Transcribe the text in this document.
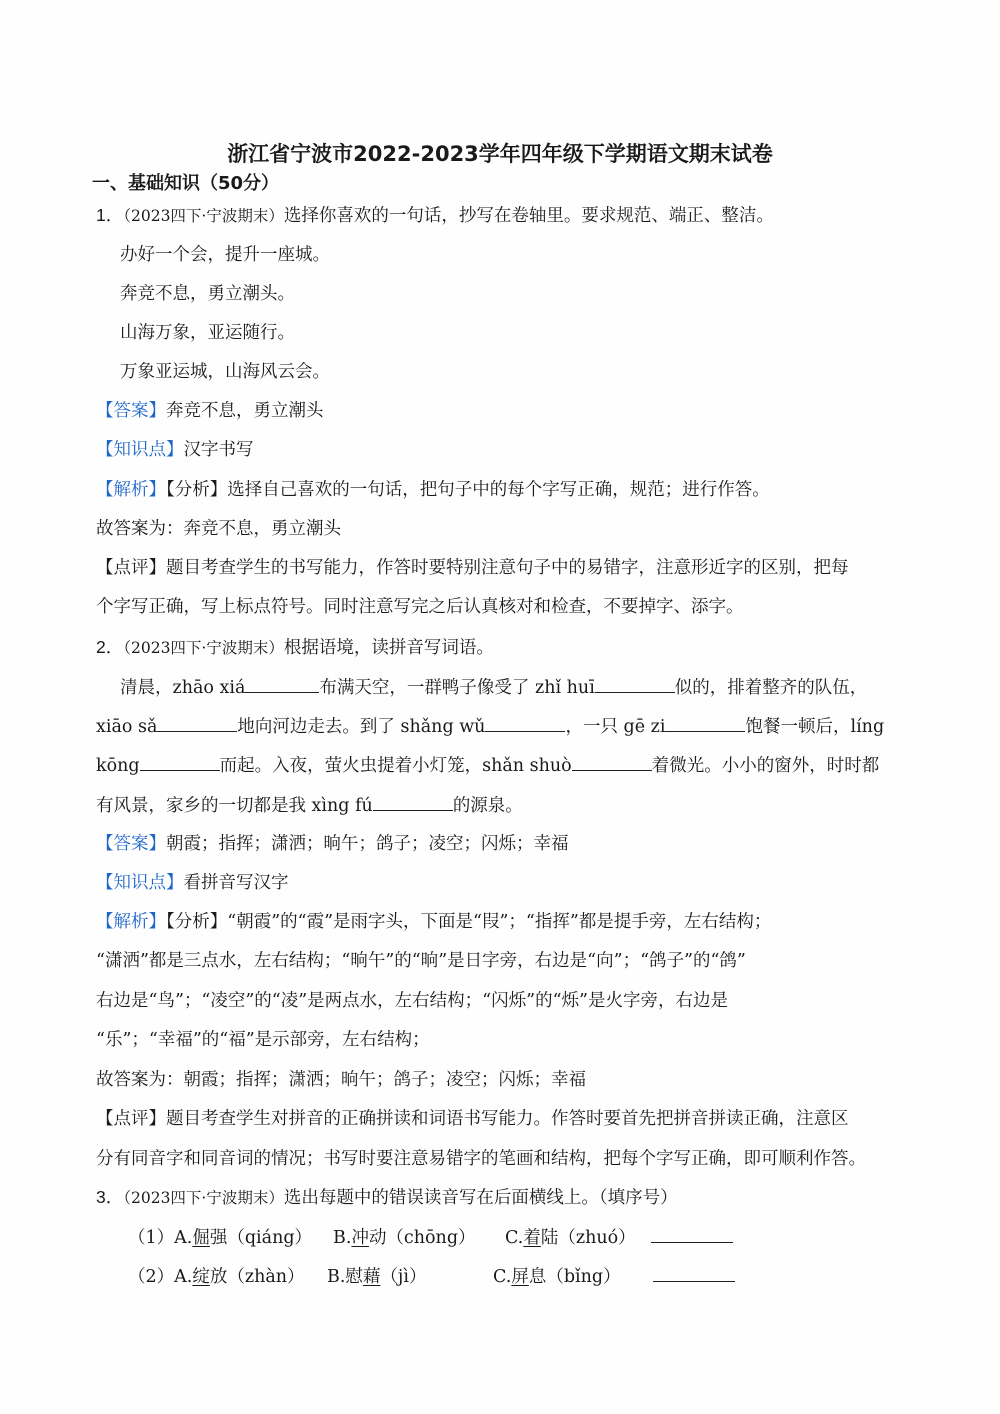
浙江省宁波市2022-2023学年四年级下学期语文期末试卷
一、基础知识（50分）
1．（2023四下·宁波期末）选择你喜欢的一句话，抄写在卷轴里。要求规范、端正、整洁。
办好一个会，提升一座城。
奔竞不息，勇立潮头。
山海万象，亚运随行。
万象亚运城，山海风云会。
【答案】奔竞不息，勇立潮头
【知识点】汉字书写
【解析】【分析】选择自己喜欢的一句话，把句子中的每个字写正确，规范；进行作答。
故答案为：奔竞不息，勇立潮头
【点评】题目考查学生的书写能力，作答时要特别注意句子中的易错字，注意形近字的区别，把每
个字写正确，写上标点符号。同时注意写完之后认真核对和检查，不要掉字、添字。
2．（2023四下·宁波期末）根据语境，读拼音写词语。
清晨，zhāo xiá	布满天空，一群鸭子像受了 zhǐ huī	似的，排着整齐的队伍，
xiāo sǎ	地向河边走去。到了 shǎng wǔ	，一只 gē zi	饱餐一顿后，líng
kōng	而起。入夜，萤火虫提着小灯笼，shǎn shuò	着微光。小小的窗外，时时都
有风景，家乡的一切都是我 xìng fú	的源泉。
【答案】朝霞；指挥；潇洒；晌午；鸽子；凌空；闪烁；幸福
【知识点】看拼音写汉字
【解析】【分析】“朝霞”的“霞”是雨字头，下面是“叚”；“指挥”都是提手旁，左右结构；
“潇洒”都是三点水，左右结构；“晌午”的“晌”是日字旁，右边是“向”；“鸽子”的“鸽”
右边是“鸟”；“凌空”的“凌”是两点水，左右结构；“闪烁”的“烁”是火字旁，右边是
“乐”；“幸福”的“福”是示部旁，左右结构；
故答案为：朝霞；指挥；潇洒；晌午；鸽子；凌空；闪烁；幸福
【点评】题目考查学生对拼音的正确拼读和词语书写能力。作答时要首先把拼音拼读正确，注意区
分有同音字和同音词的情况；书写时要注意易错字的笔画和结构，把每个字写正确，即可顺利作答。
3．（2023四下·宁波期末）选出每题中的错误读音写在后面横线上。（填序号）
（1）A.倔强（qiáng） B.冲动（chōng） C.着陆（zhuó）
（2）A.绽放（zhàn） B.慰藉（jì）	C.屏息（bǐng）
